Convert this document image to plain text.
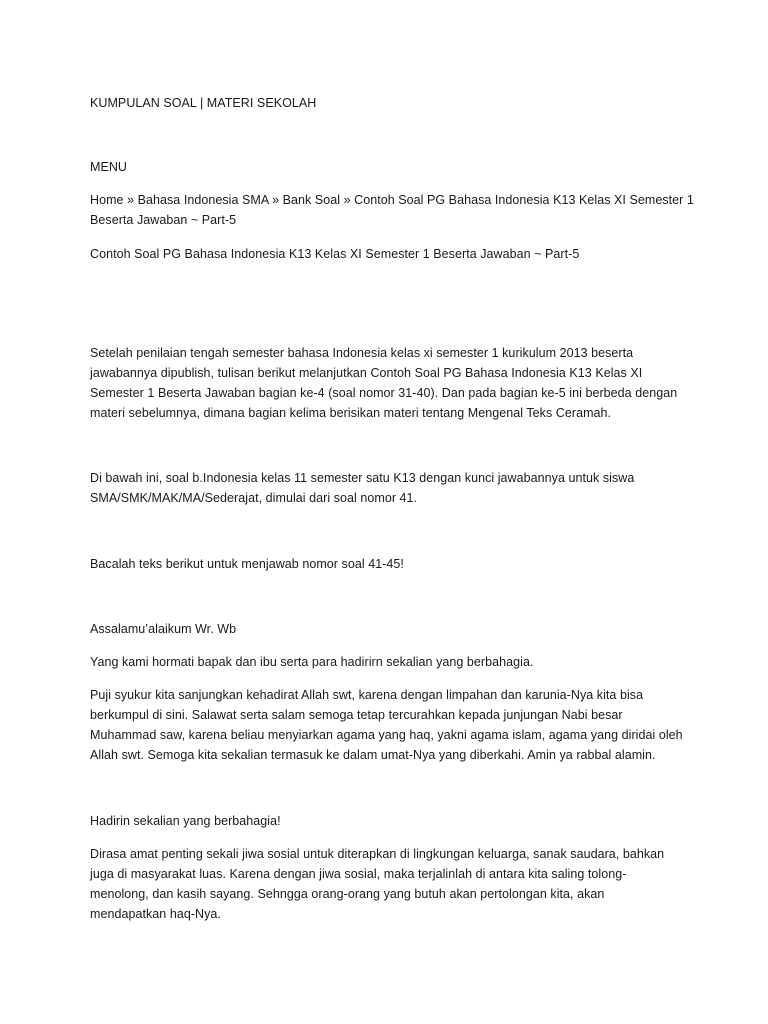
KUMPULAN SOAL | MATERI SEKOLAH
MENU
Home » Bahasa Indonesia SMA » Bank Soal » Contoh Soal PG Bahasa Indonesia K13 Kelas XI Semester 1
Beserta Jawaban ~ Part-5
Contoh Soal PG Bahasa Indonesia K13 Kelas XI Semester 1 Beserta Jawaban ~ Part-5
Setelah penilaian tengah semester bahasa Indonesia kelas xi semester 1 kurikulum 2013 beserta
jawabannya dipublish, tulisan berikut melanjutkan Contoh Soal PG Bahasa Indonesia K13 Kelas XI
Semester 1 Beserta Jawaban bagian ke-4 (soal nomor 31-40). Dan pada bagian ke-5 ini berbeda dengan
materi sebelumnya, dimana bagian kelima berisikan materi tentang Mengenal Teks Ceramah.
Di bawah ini, soal b.Indonesia kelas 11 semester satu K13 dengan kunci jawabannya untuk siswa
SMA/SMK/MAK/MA/Sederajat, dimulai dari soal nomor 41.
Bacalah teks berikut untuk menjawab nomor soal 41-45!
Assalamu’alaikum Wr. Wb
Yang kami hormati bapak dan ibu serta para hadirirn sekalian yang berbahagia.
Puji syukur kita sanjungkan kehadirat Allah swt, karena dengan limpahan dan karunia-Nya kita bisa
berkumpul di sini. Salawat serta salam semoga tetap tercurahkan kepada junjungan Nabi besar
Muhammad saw, karena beliau menyiarkan agama yang haq, yakni agama islam, agama yang diridai oleh
Allah swt. Semoga kita sekalian termasuk ke dalam umat-Nya yang diberkahi. Amin ya rabbal alamin.
Hadirin sekalian yang berbahagia!
Dirasa amat penting sekali jiwa sosial untuk diterapkan di lingkungan keluarga, sanak saudara, bahkan
juga di masyarakat luas. Karena dengan jiwa sosial, maka terjalinlah di antara kita saling tolong-
menolong, dan kasih sayang. Sehngga orang-orang yang butuh akan pertolongan kita, akan
mendapatkan haq-Nya.
